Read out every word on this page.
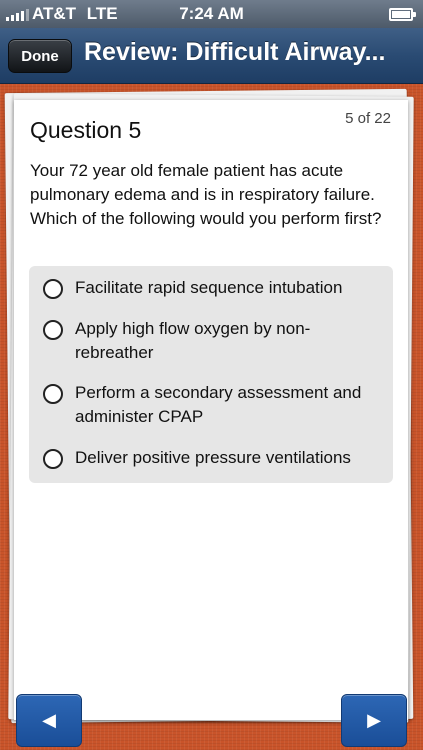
AT&T LTE	7:24 AM
Done	Review: Difficult Airway...
Question 5	5 of 22
Your 72 year old female patient has acute pulmonary edema and is in respiratory failure. Which of the following would you perform first?
Facilitate rapid sequence intubation
Apply high flow oxygen by non-rebreather
Perform a secondary assessment and administer CPAP
Deliver positive pressure ventilations
◀	▶
